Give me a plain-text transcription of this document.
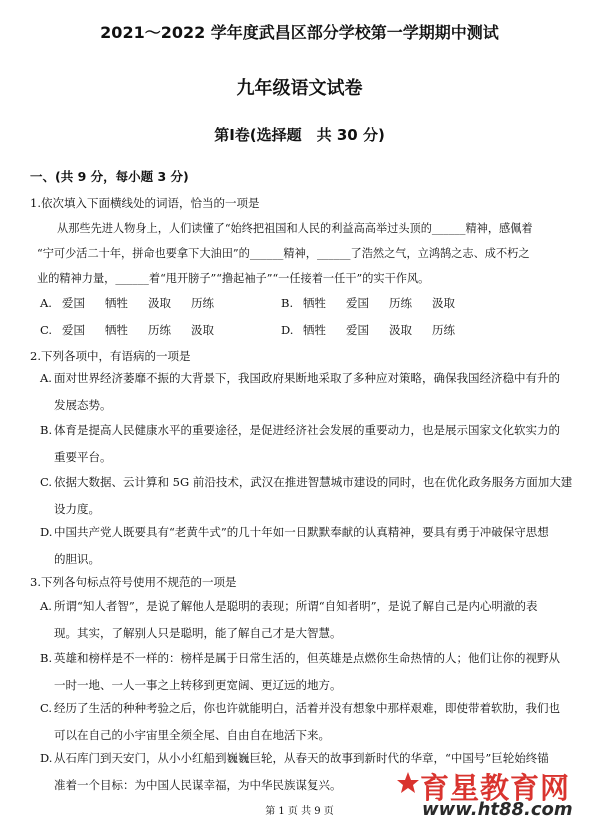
2021～2022 学年度武昌区部分学校第一学期期中测试
九年级语文试卷
第Ⅰ卷(选择题　共 30 分)
一、(共 9 分，每小题 3 分)
1.依次填入下面横线处的词语，恰当的一项是
从那些先进人物身上，人们读懂了“始终把祖国和人民的利益高高举过头顶的______精神，感佩着
“宁可少活二十年，拼命也要拿下大油田”的______精神，______了浩然之气，立鸿鹄之志、成不朽之
业的精神力量，______着“甩开膀子”“撸起袖子”“一任接着一任干”的实干作风。
A. 爱国 牺牲 汲取 历练	B. 牺牲 爱国 历练 汲取
C. 爱国 牺牲 历练 汲取	D. 牺牲 爱国 汲取 历练
2.下列各项中，有语病的一项是
A. 面对世界经济萎靡不振的大背景下，我国政府果断地采取了多种应对策略，确保我国经济稳中有升的
发展态势。
B. 体育是提高人民健康水平的重要途径，是促进经济社会发展的重要动力，也是展示国家文化软实力的
重要平台。
C. 依据大数据、云计算和 5G 前沿技术，武汉在推进智慧城市建设的同时，也在优化政务服务方面加大建
设力度。
D. 中国共产党人既要具有“老黄牛式”的几十年如一日默默奉献的认真精神，要具有勇于冲破保守思想
的胆识。
3.下列各句标点符号使用不规范的一项是
A. 所谓“知人者智”，是说了解他人是聪明的表现；所谓“自知者明”，是说了解自己是内心明澈的表
现。其实，了解别人只是聪明，能了解自己才是大智慧。
B. 英雄和榜样是不一样的：榜样是属于日常生活的，但英雄是点燃你生命热情的人；他们让你的视野从
一时一地、一人一事之上转移到更宽阔、更辽远的地方。
C. 经历了生活的种种考验之后，你也许就能明白，活着并没有想象中那样艰难，即使带着软肋，我们也
可以在自己的小宇宙里全须全尾、自由自在地活下来。
D. 从石库门到天安门，从小小红船到巍巍巨轮，从春天的故事到新时代的华章，“中国号”巨轮始终锚
准着一个目标：为中国人民谋幸福，为中华民族谋复兴。
第 1 页 共 9 页
育星教育网
www.ht88.com
